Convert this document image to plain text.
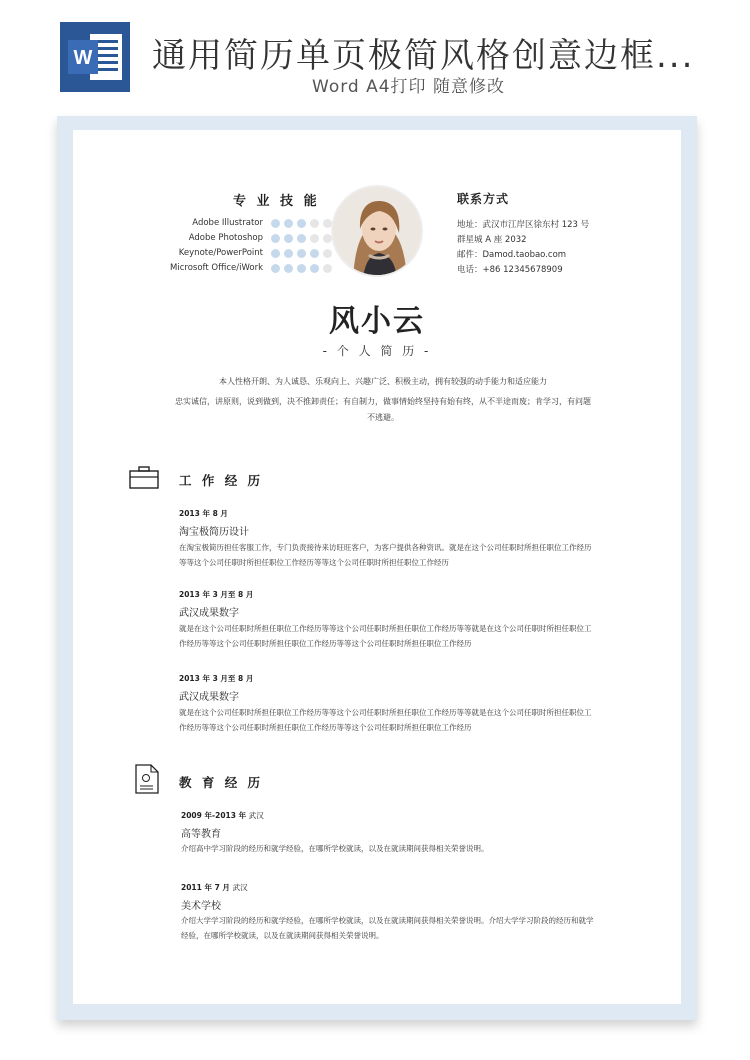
W 通用简历单页极简风格创意边框...
Word A4打印 随意修改
专 业 技 能
Adobe Illustrator
Adobe Photoshop
Keynote/PowerPoint
Microsoft Office/iWork
联系方式
地址：武汉市江岸区徐东村 123 号
群星城 A 座 2032
邮件：Damod.taobao.com
电话：+86 12345678909
风小云
- 个 人 简 历 -
本人性格开朗、为人诚恳、乐观向上、兴趣广泛、积极主动，拥有较强的动手能力和适应能力
忠实诚信，讲原则，说到做到，决不推卸责任；有自制力，做事情始终坚持有始有终，从不半途而废；肯学习，有问题不逃避。
工 作 经 历
2013 年 8 月
淘宝极简历设计
在淘宝极简历担任客服工作，专门负责接待来访旺旺客户，为客户提供各种资讯。就是在这个公司任职时所担任职位工作经历等等这个公司任职时所担任职位工作经历等等这个公司任职时所担任职位工作经历
2013 年 3 月至 8 月
武汉成果数字
就是在这个公司任职时所担任职位工作经历等等这个公司任职时所担任职位工作经历等等就是在这个公司任职时所担任职位工作经历等等这个公司任职时所担任职位工作经历等等这个公司任职时所担任职位工作经历
2013 年 3 月至 8 月
武汉成果数字
就是在这个公司任职时所担任职位工作经历等等这个公司任职时所担任职位工作经历等等就是在这个公司任职时所担任职位工作经历等等这个公司任职时所担任职位工作经历等等这个公司任职时所担任职位工作经历
教 育 经 历
2009 年-2013 年 武汉
高等教育
介绍高中学习阶段的经历和就学经验，在哪所学校就读，以及在就读期间获得相关荣誉说明。
2011 年 7 月 武汉
美术学校
介绍大学学习阶段的经历和就学经验，在哪所学校就读，以及在就读期间获得相关荣誉说明。介绍大学学习阶段的经历和就学经验，在哪所学校就读，以及在就读期间获得相关荣誉说明。
